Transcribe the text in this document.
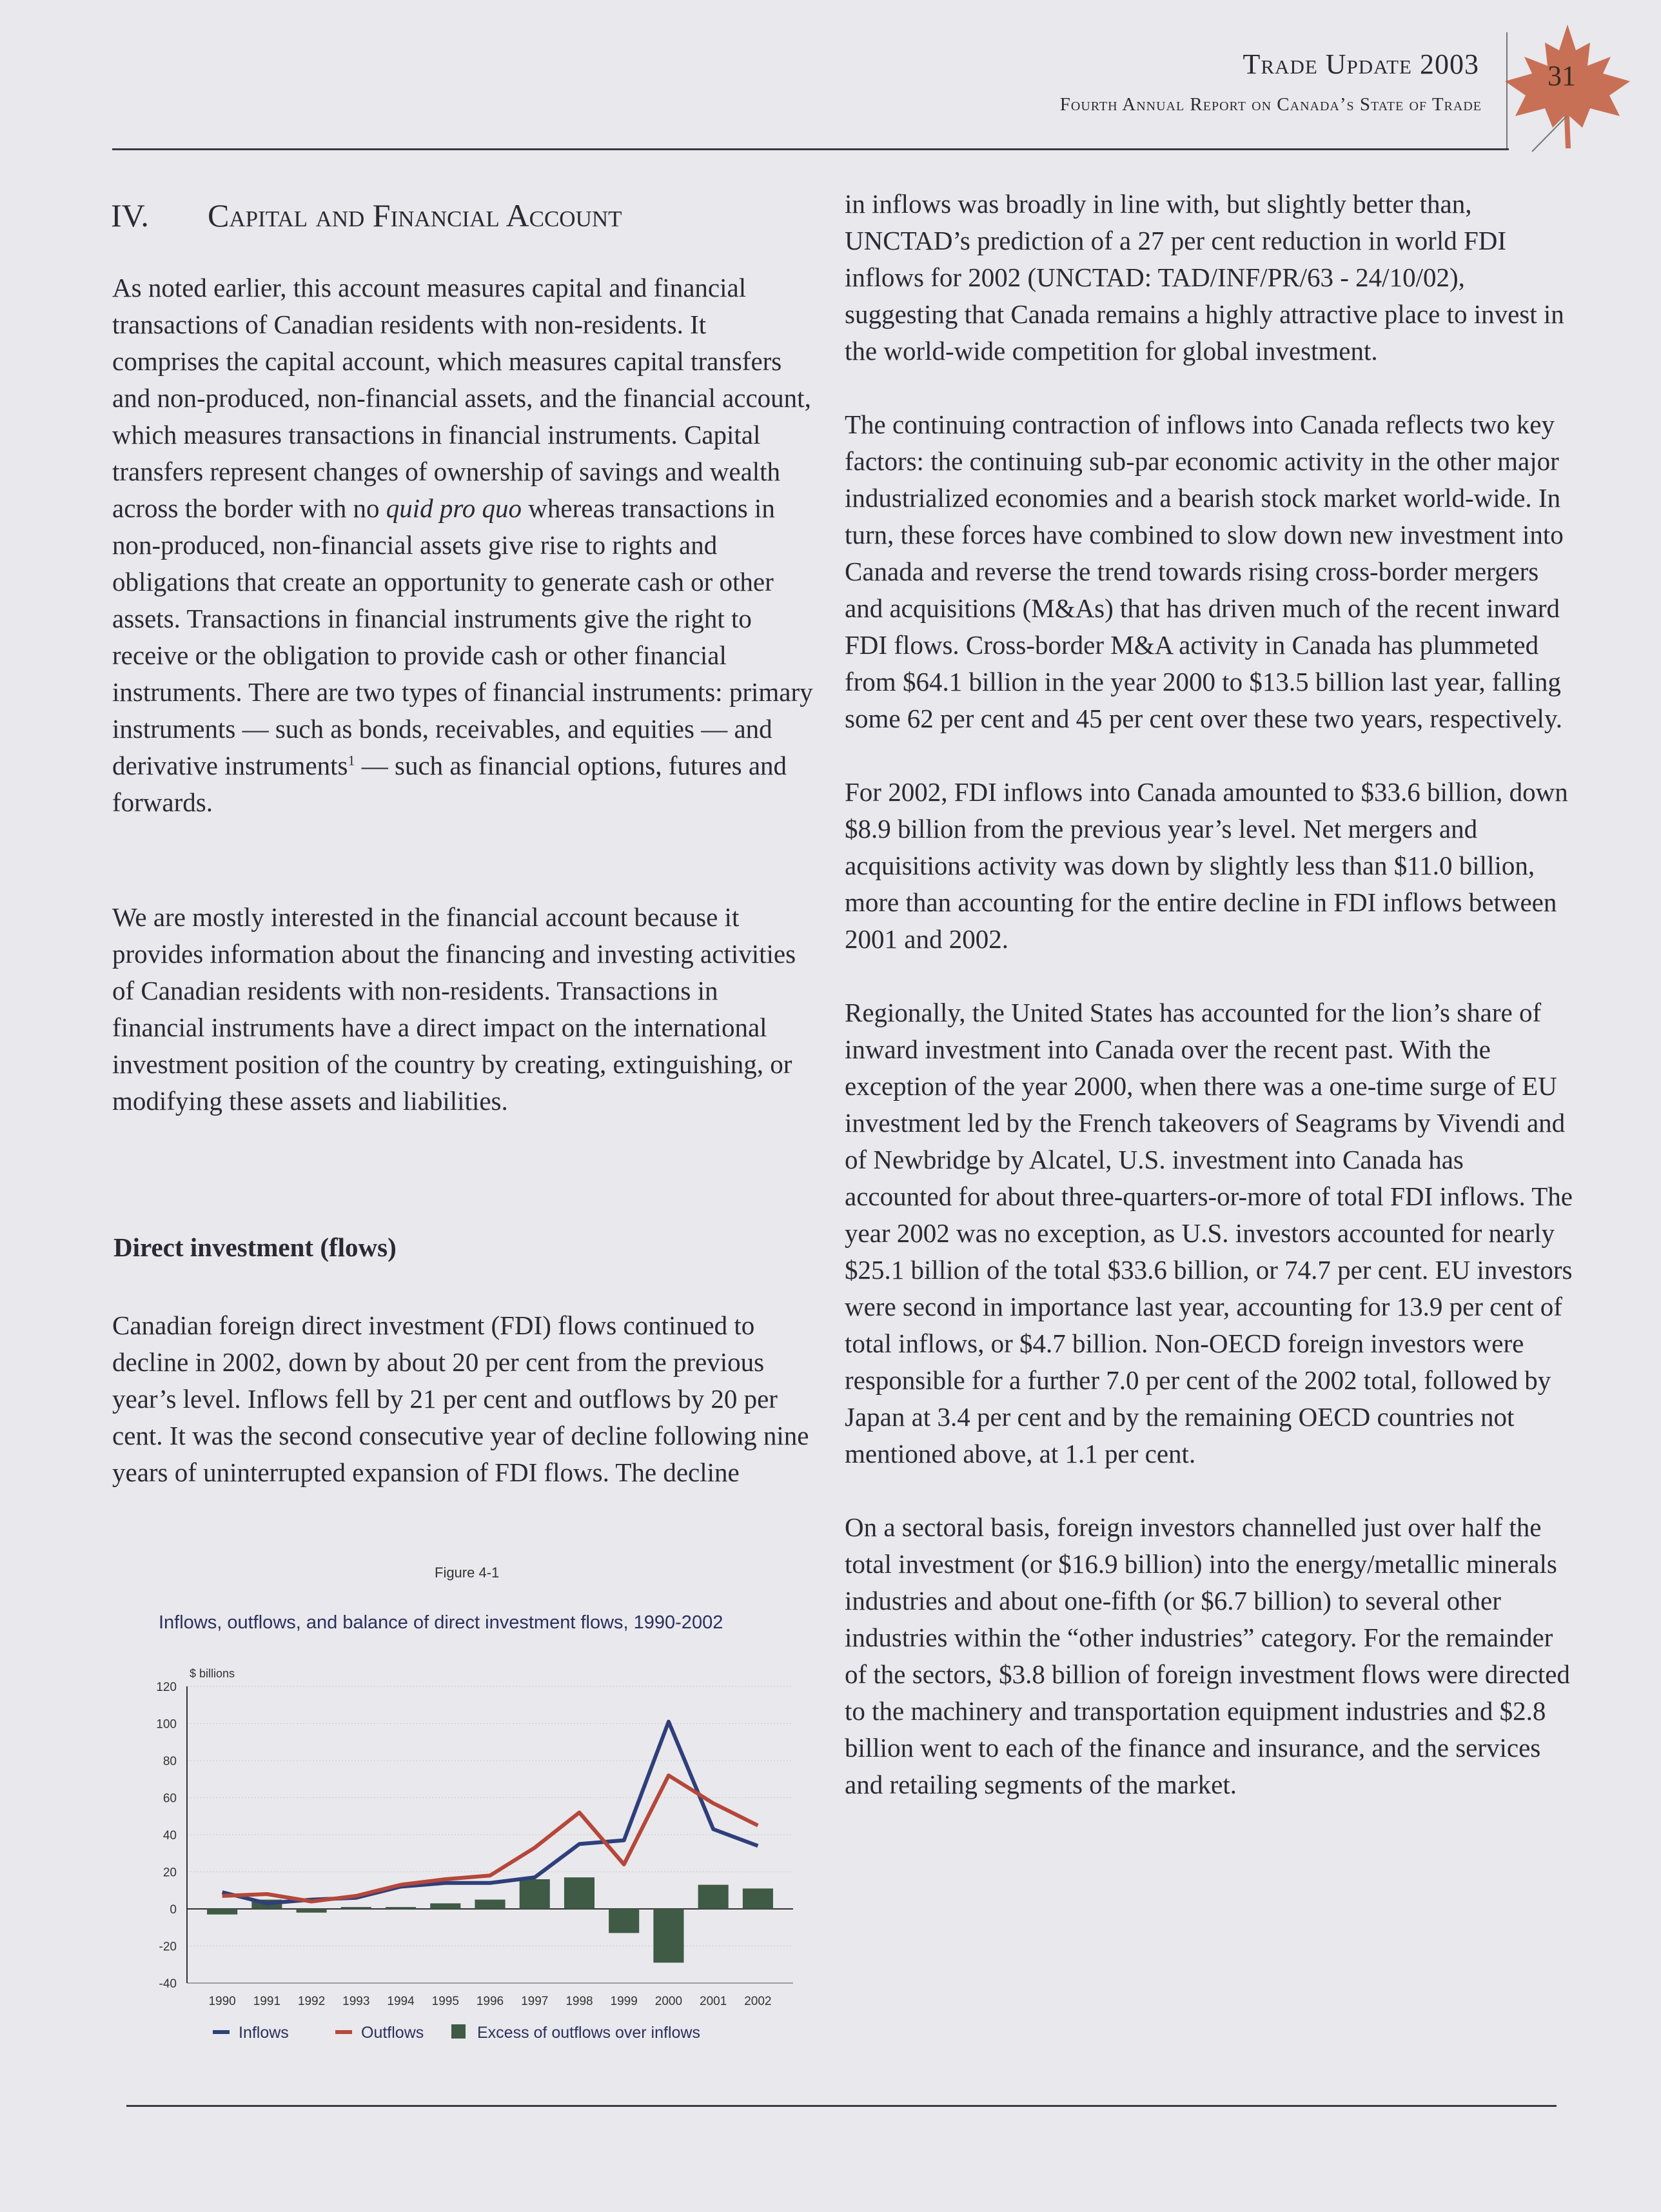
Trade Update 2003
Fourth Annual Report on Canada’s State of Trade
31
IV. Capital and Financial Account

As noted earlier, this account measures capital and financial transactions of Canadian residents with non-residents. It comprises the capital account, which measures capital transfers and non-produced, non-financial assets, and the financial account, which measures transactions in financial instruments. Capital transfers represent changes of ownership of savings and wealth across the border with no quid pro quo whereas transactions in non-produced, non-financial assets give rise to rights and obligations that create an opportunity to generate cash or other assets. Transactions in financial instruments give the right to receive or the obligation to provide cash or other financial instruments. There are two types of financial instruments: primary instruments — such as bonds, receivables, and equities — and derivative instruments$^1$ — such as financial options, futures and forwards.

We are mostly interested in the financial account because it provides information about the financing and investing activities of Canadian residents with non-residents. Transactions in financial instruments have a direct impact on the international investment position of the country by creating, extinguishing, or modifying these assets and liabilities.

Direct investment (flows)

Canadian foreign direct investment (FDI) flows continued to decline in 2002, down by about 20 per cent from the previous year’s level. Inflows fell by 21 per cent and outflows by 20 per cent. It was the second consecutive year of decline following nine years of uninterrupted expansion of FDI flows. The decline

Figure 4-1
Inflows, outflows, and balance of direct investment flows, 1990-2002
120
100
80
60
40
20
0
-20
-40
$ billions
1990 1991 1992 1993 1994 1995 1996 1997 1998 1999 2000 2001 2002
Inflows	Outflows	Excess of outflows over inflows

in inflows was broadly in line with, but slightly better than, UNCTAD’s prediction of a 27 per cent reduction in world FDI inflows for 2002 (UNCTAD: TAD/INF/PR/63 - 24/10/02), suggesting that Canada remains a highly attractive place to invest in the world-wide competition for global investment.

The continuing contraction of inflows into Canada reflects two key factors: the continuing sub-par economic activity in the other major industrialized economies and a bearish stock market world-wide. In turn, these forces have combined to slow down new investment into Canada and reverse the trend towards rising cross-border mergers and acquisitions (M&As) that has driven much of the recent inward FDI flows. Cross-border M&A activity in Canada has plummeted from $64.1 billion in the year 2000 to $13.5 billion last year, falling some 62 per cent and 45 per cent over these two years, respectively.

For 2002, FDI inflows into Canada amounted to $33.6 billion, down $8.9 billion from the previous year’s level. Net mergers and acquisitions activity was down by slightly less than $11.0 billion, more than accounting for the entire decline in FDI inflows between 2001 and 2002.

Regionally, the United States has accounted for the lion’s share of inward investment into Canada over the recent past. With the exception of the year 2000, when there was a one-time surge of EU investment led by the French takeovers of Seagrams by Vivendi and of Newbridge by Alcatel, U.S. investment into Canada has accounted for about three-quarters-or-more of total FDI inflows. The year 2002 was no exception, as U.S. investors accounted for nearly $25.1 billion of the total $33.6 billion, or 74.7 per cent. EU investors were second in importance last year, accounting for 13.9 per cent of total inflows, or $4.7 billion. Non-OECD foreign investors were responsible for a further 7.0 per cent of the 2002 total, followed by Japan at 3.4 per cent and by the remaining OECD countries not mentioned above, at 1.1 per cent.

On a sectoral basis, foreign investors channelled just over half the total investment (or $16.9 billion) into the energy/metallic minerals industries and about one-fifth (or $6.7 billion) to several other industries within the “other industries” category. For the remainder of the sectors, $3.8 billion of foreign investment flows were directed to the machinery and transportation equipment industries and $2.8 billion went to each of the finance and insurance, and the services and retailing segments of the market.
